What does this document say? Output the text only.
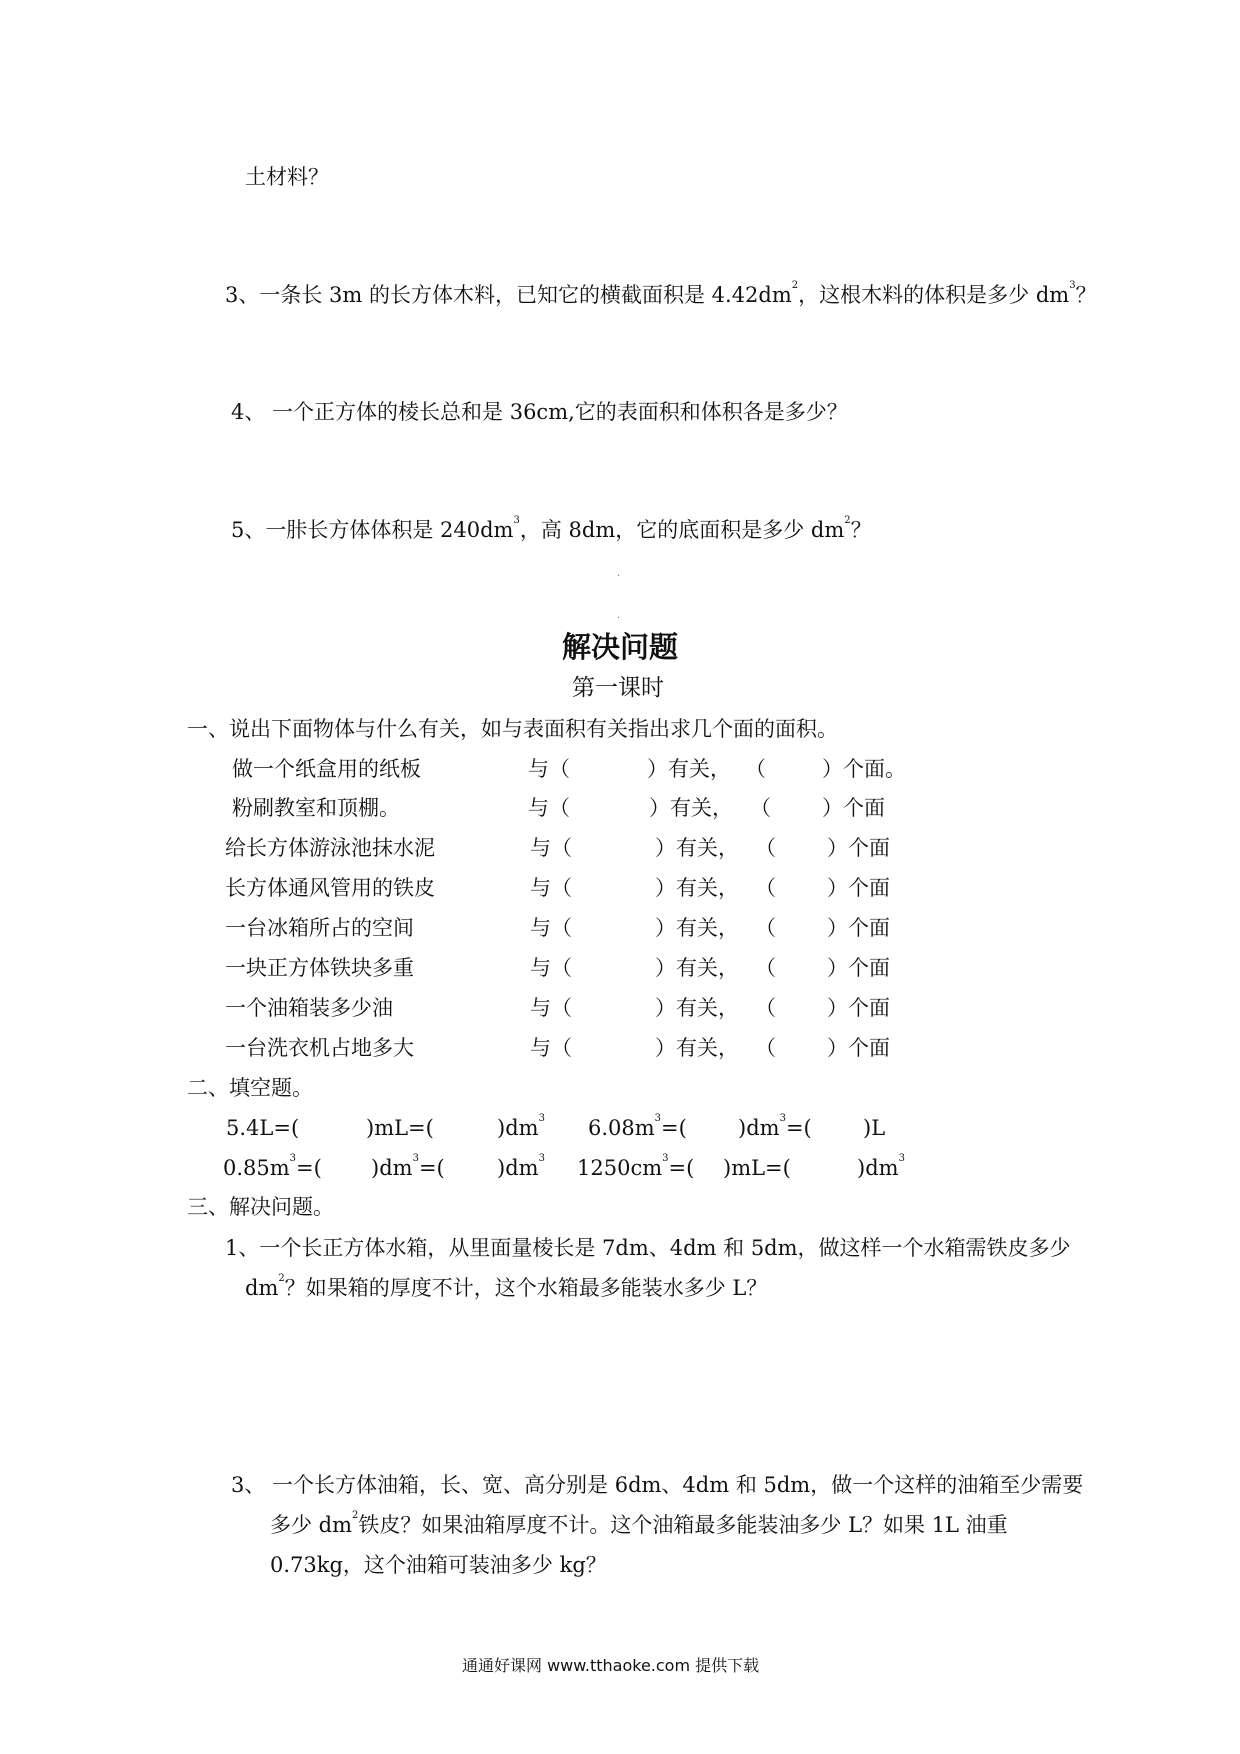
土材料？
3、一条长 3m 的长方体木料，已知它的横截面积是 $4.42dm^2$，这根木料的体积是多少 $dm^3$？
4、 一个正方体的棱长总和是 36cm,它的表面积和体积各是多少？
5、一胩长方体体积是 $240dm^3$，高 8dm，它的底面积是多少 $dm^2$？
·
·
解决问题
第一课时
一、说出下面物体与什么有关，如与表面积有关指出求几个面的面积。
做一个纸盒用的纸板	与（	）有关， （	）个面。
粉刷教室和顶棚。	与（	）有关， （ ）个面
给长方体游泳池抹水泥	与（	）有关， （ ）个面
长方体通风管用的铁皮	与（	）有关， （ ）个面
一台冰箱所占的空间	与（	）有关， （ ）个面
一块正方体铁块多重	与（	）有关， （ ）个面
一个油箱装多少油	与（	）有关， （ ）个面
一台洗衣机占地多大	与（	）有关， （ ）个面
二、填空题。
5.4L=(	)mL=(	)$dm^3$ $6.08m^3=$( )$dm^3=$( )L
$0.85m^3=$( )$dm^3=$( )$dm^3$ $1250cm^3=$( )mL=(	)$dm^3$
三、解决问题。
1、一个长正方体水箱，从里面量棱长是 7dm、4dm 和 5dm，做这样一个水箱需铁皮多少
$dm^2$？如果箱的厚度不计，这个水箱最多能装水多少 L？
3、 一个长方体油箱，长、宽、高分别是 6dm、4dm 和 5dm，做一个这样的油箱至少需要
多少 $dm^2$铁皮？如果油箱厚度不计。这个油箱最多能装油多少 L？如果 1L 油重
0.73kg，这个油箱可装油多少 kg？
通通好课网 www.tthaoke.com 提供下载
